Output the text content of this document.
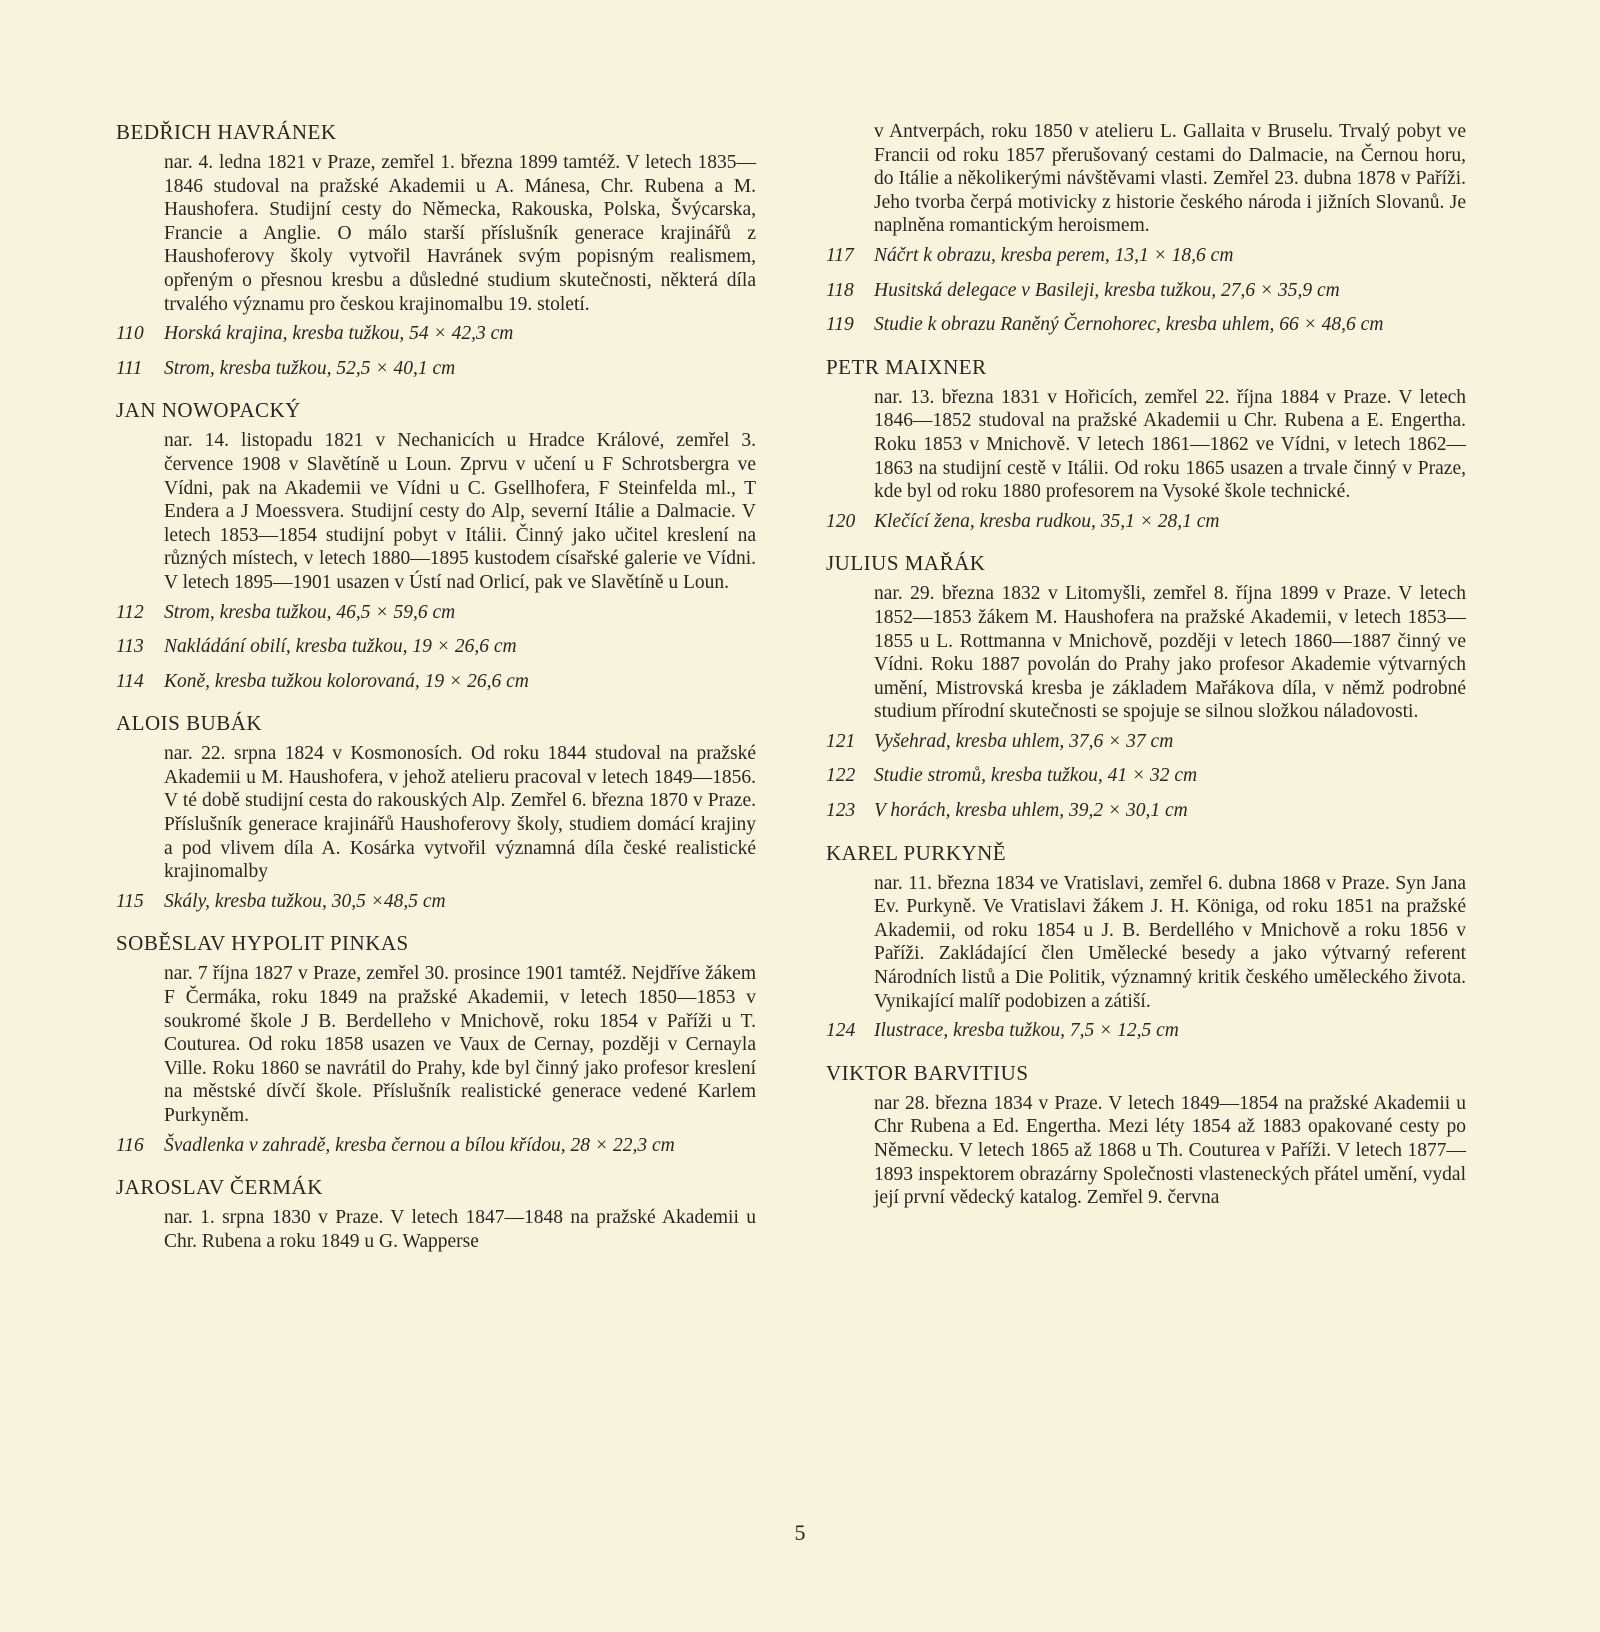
BEDŘICH HAVRÁNEK

nar. 4. ledna 1821 v Praze, zemřel 1. března 1899 tamtéž. V letech 1835—1846 studoval na pražské Akademii u A. Mánesa, Chr. Rubena a M. Haushofera. Studijní cesty do Německa, Rakouska, Polska, Švýcarska, Francie a Anglie. O málo starší příslušník generace krajinářů z Haushoferovy školy vytvořil Havránek svým popisným realismem, opřeným o přesnou kresbu a důsledné studium skutečnosti, některá díla trvalého významu pro českou krajinomalbu 19. století.

110	Horská krajina, kresba tužkou, 54 × 42,3 cm
111	Strom, kresba tužkou, 52,5 × 40,1 cm
JAN NOWOPACKÝ

nar. 14. listopadu 1821 v Nechanicích u Hradce Králové, zemřel 3. července 1908 v Slavětíně u Loun. Zprvu v učení u F Schrotsbergra ve Vídni, pak na Akademii ve Vídni u C. Gsellhofera, F Steinfelda ml., T Endera a J Moessvera. Studijní cesty do Alp, severní Itálie a Dalmacie. V letech 1853—1854 studijní pobyt v Itálii. Činný jako učitel kreslení na různých místech, v letech 1880—1895 kustodem císařské galerie ve Vídni. V letech 1895—1901 usazen v Ústí nad Orlicí, pak ve Slavětíně u Loun.

112	Strom, kresba tužkou, 46,5 × 59,6 cm
113	Nakládání obilí, kresba tužkou, 19 × 26,6 cm
114	Koně, kresba tužkou kolorovaná, 19 × 26,6 cm
ALOIS BUBÁK

nar. 22. srpna 1824 v Kosmonosích. Od roku 1844 studoval na pražské Akademii u M. Haushofera, v jehož atelieru pracoval v letech 1849—1856. V té době studijní cesta do rakouských Alp. Zemřel 6. března 1870 v Praze. Příslušník generace krajinářů Haushoferovy školy, studiem domácí krajiny a pod vlivem díla A. Kosárka vytvořil významná díla české realistické krajinomalby

115	Skály, kresba tužkou, 30,5 ×48,5 cm
SOBĚSLAV HYPOLIT PINKAS

nar. 7 října 1827 v Praze, zemřel 30. prosince 1901 tamtéž. Nejdříve žákem F Čermáka, roku 1849 na pražské Akademii, v letech 1850—1853 v soukromé škole J B. Berdelleho v Mnichově, roku 1854 v Paříži u T. Couturea. Od roku 1858 usazen ve Vaux de Cernay, později v Cernayla Ville. Roku 1860 se navrátil do Prahy, kde byl činný jako profesor kreslení na městské dívčí škole. Příslušník realistické generace vedené Karlem Purkyněm.

116	Švadlenka v zahradě, kresba černou a bílou křídou, 28 × 22,3 cm
JAROSLAV ČERMÁK

nar. 1. srpna 1830 v Praze. V letech 1847—1848 na pražské Akademii u Chr. Rubena a roku 1849 u G. Wapperse

v Antverpách, roku 1850 v atelieru L. Gallaita v Bruselu. Trvalý pobyt ve Francii od roku 1857 přerušovaný cestami do Dalmacie, na Černou horu, do Itálie a několikerými návštěvami vlasti. Zemřel 23. dubna 1878 v Paříži. Jeho tvorba čerpá motivicky z historie českého národa i jižních Slovanů. Je naplněna romantickým heroismem.

117	Náčrt k obrazu, kresba perem, 13,1 × 18,6 cm
118	Husitská delegace v Basileji, kresba tužkou, 27,6 × 35,9 cm
119	Studie k obrazu Raněný Černohorec, kresba uhlem, 66 × 48,6 cm
PETR MAIXNER

nar. 13. března 1831 v Hořicích, zemřel 22. října 1884 v Praze. V letech 1846—1852 studoval na pražské Akademii u Chr. Rubena a E. Engertha. Roku 1853 v Mnichově. V letech 1861—1862 ve Vídni, v letech 1862—1863 na studijní cestě v Itálii. Od roku 1865 usazen a trvale činný v Praze, kde byl od roku 1880 profesorem na Vysoké škole technické.

120 Klečící žena, kresba rudkou, 35,1 × 28,1 cm
JULIUS MAŘÁK

nar. 29. března 1832 v Litomyšli, zemřel 8. října 1899 v Praze. V letech 1852—1853 žákem M. Haushofera na pražské Akademii, v letech 1853—1855 u L. Rottmanna v Mnichově, později v letech 1860—1887 činný ve Vídni. Roku 1887 povolán do Prahy jako profesor Akademie výtvarných umění, Mistrovská kresba je základem Mařákova díla, v němž podrobné studium přírodní skutečnosti se spojuje se silnou složkou náladovosti.

121 Vyšehrad, kresba uhlem, 37,6 × 37 cm
122 Studie stromů, kresba tužkou, 41 × 32 cm
123 V horách, kresba uhlem, 39,2 × 30,1 cm
KAREL PURKYNĚ

nar. 11. března 1834 ve Vratislavi, zemřel 6. dubna 1868 v Praze. Syn Jana Ev. Purkyně. Ve Vratislavi žákem J. H. Königa, od roku 1851 na pražské Akademii, od roku 1854 u J. B. Berdellého v Mnichově a roku 1856 v Paříži. Zakládající člen Umělecké besedy a jako výtvarný referent Národních listů a Die Politik, významný kritik českého uměleckého života. Vynikající malíř podobizen a zátiší.

124 Ilustrace, kresba tužkou, 7,5 × 12,5 cm
VIKTOR BARVITIUS

nar 28. března 1834 v Praze. V letech 1849—1854 na pražské Akademii u Chr Rubena a Ed. Engertha. Mezi léty 1854 až 1883 opakované cesty po Německu. V letech 1865 až 1868 u Th. Couturea v Paříži. V letech 1877—1893 inspektorem obrazárny Společnosti vlasteneckých přátel umění, vydal její první vědecký katalog. Zemřel 9. června

5
